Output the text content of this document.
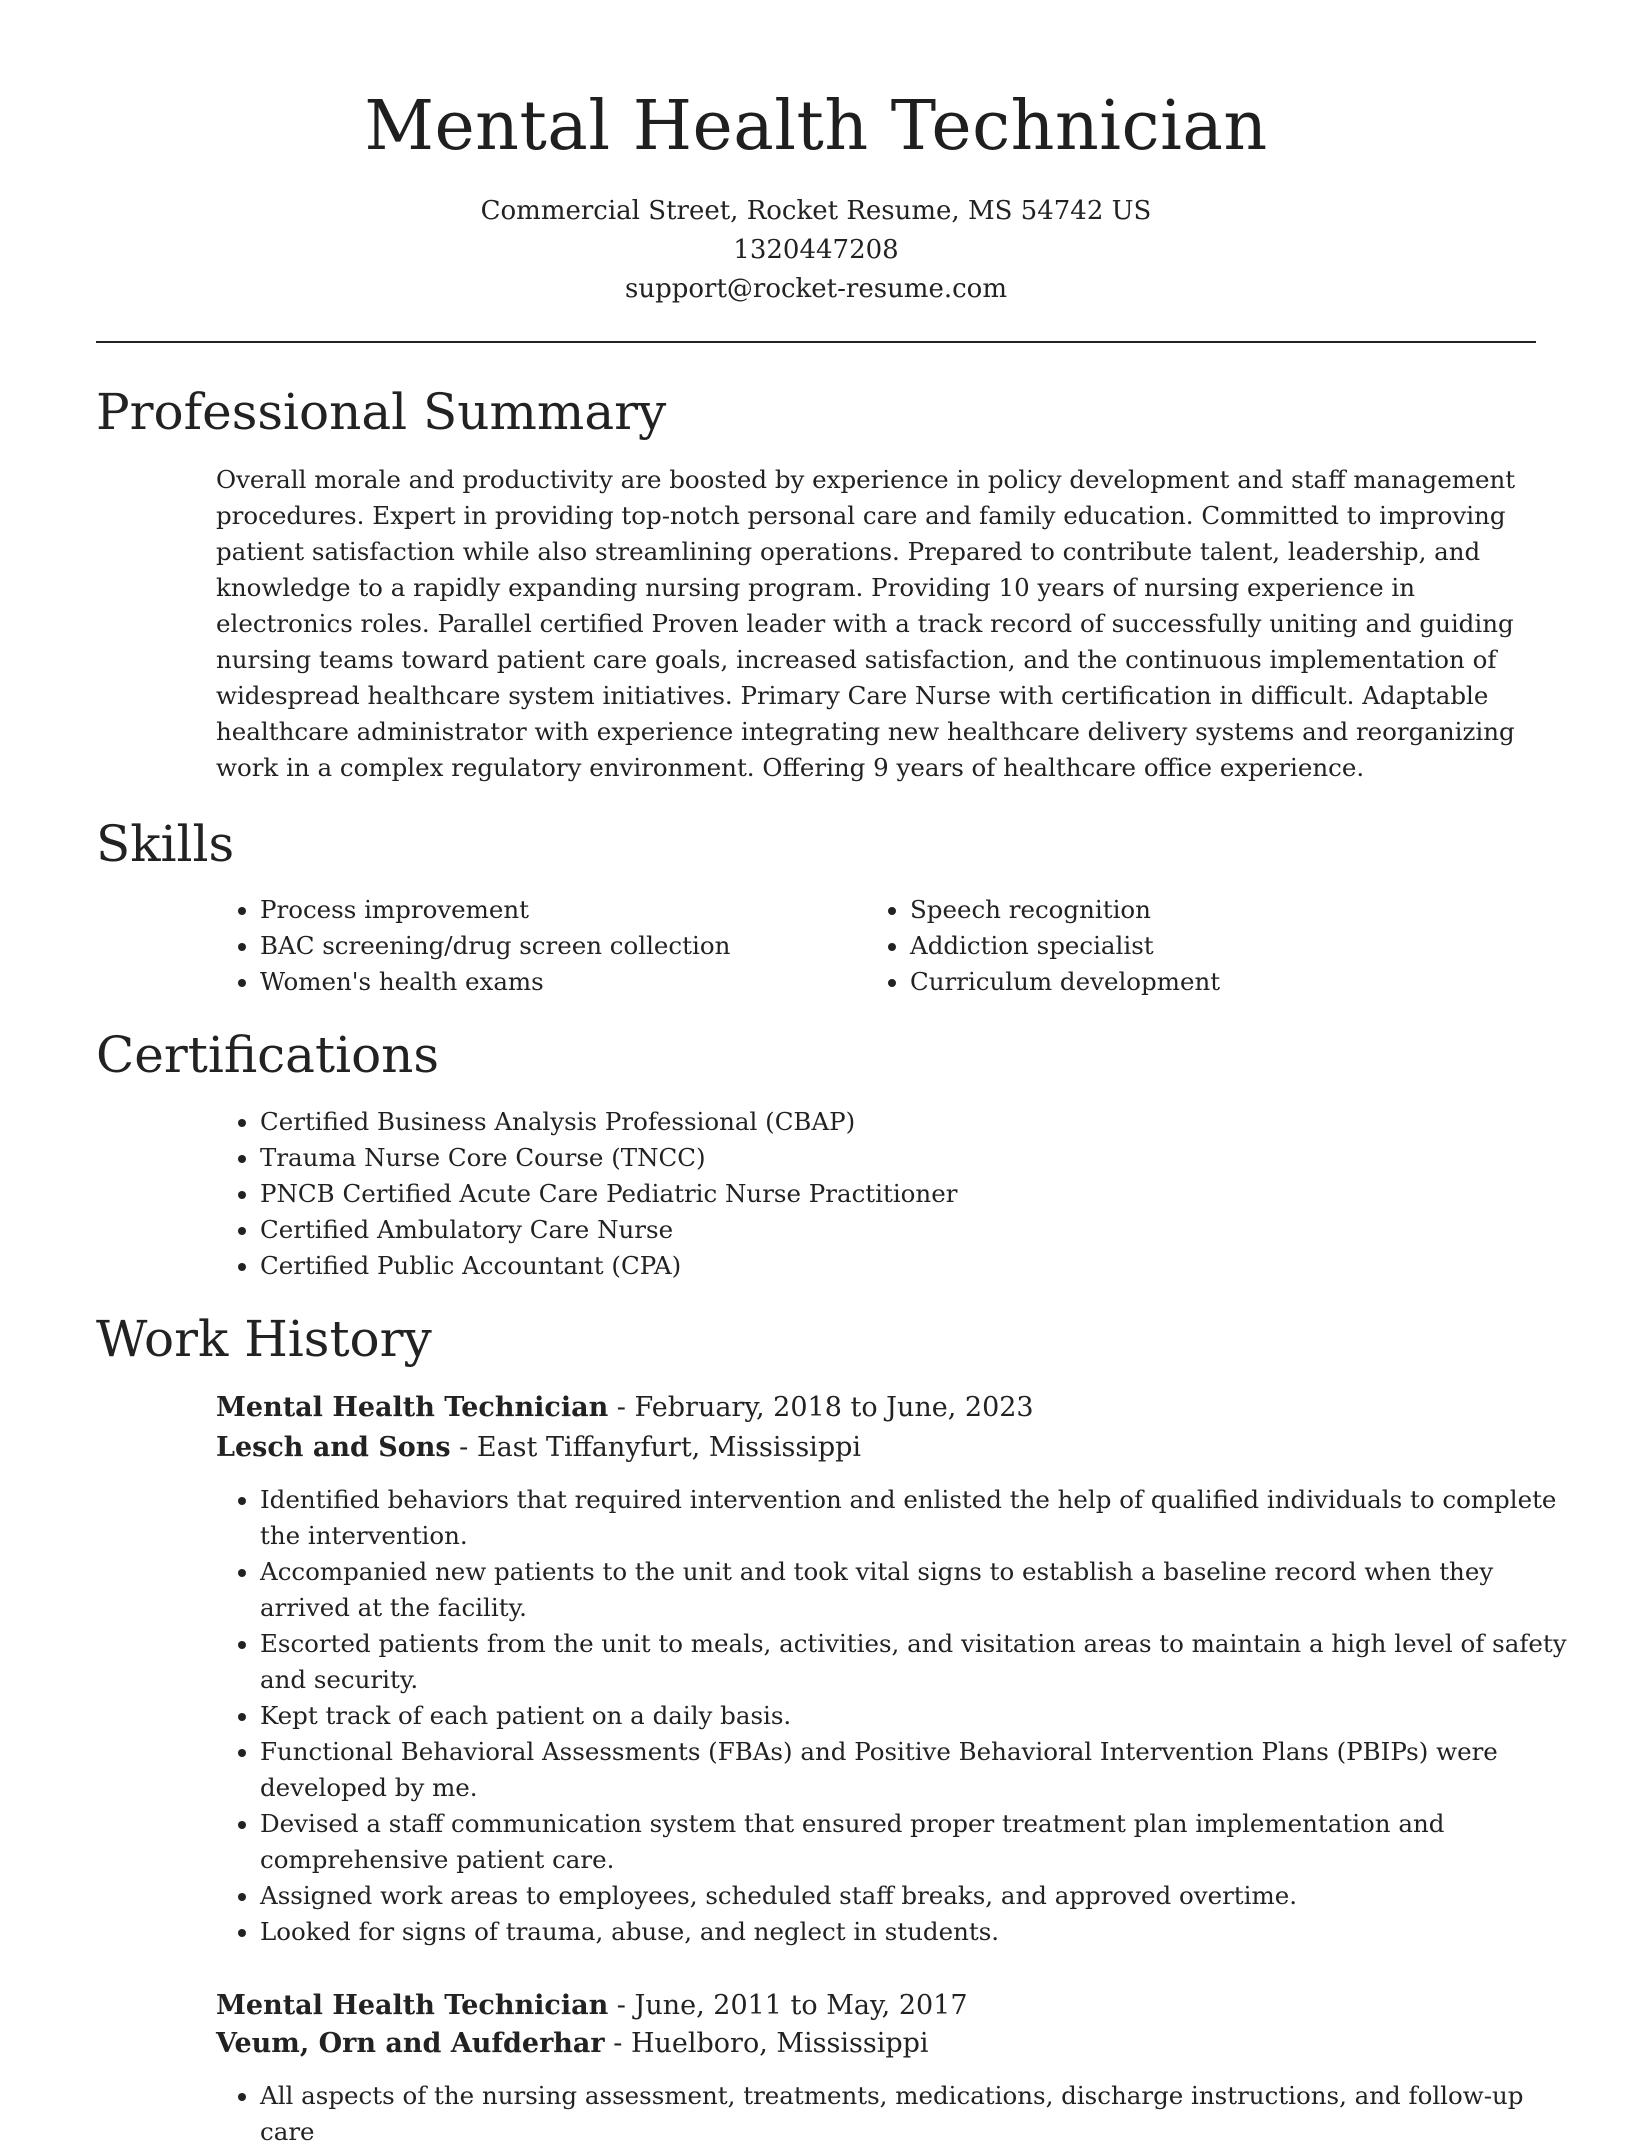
Mental Health Technician
Commercial Street, Rocket Resume, MS 54742 US
1320447208
support@rocket-resume.com
Professional Summary

Overall morale and productivity are boosted by experience in policy development and staff management procedures. Expert in providing top-notch personal care and family education. Committed to improving patient satisfaction while also streamlining operations. Prepared to contribute talent, leadership, and knowledge to a rapidly expanding nursing program. Providing 10 years of nursing experience in electronics roles. Parallel certified Proven leader with a track record of successfully uniting and guiding nursing teams toward patient care goals, increased satisfaction, and the continuous implementation of widespread healthcare system initiatives. Primary Care Nurse with certification in difficult. Adaptable healthcare administrator with experience integrating new healthcare delivery systems and reorganizing work in a complex regulatory environment. Offering 9 years of healthcare office experience.

Skills
• Process improvement
• BAC screening/drug screen collection
• Women's health exams
• Speech recognition
• Addiction specialist
• Curriculum development
Certifications
• Certified Business Analysis Professional (CBAP)
• Trauma Nurse Core Course (TNCC)
• PNCB Certified Acute Care Pediatric Nurse Practitioner
• Certified Ambulatory Care Nurse
• Certified Public Accountant (CPA)
Work History
Mental Health Technician - February, 2018 to June, 2023
Lesch and Sons - East Tiffanyfurt, Mississippi
• Identified behaviors that required intervention and enlisted the help of qualified individuals to complete the intervention.
• Accompanied new patients to the unit and took vital signs to establish a baseline record when they arrived at the facility.
• Escorted patients from the unit to meals, activities, and visitation areas to maintain a high level of safety and security.
• Kept track of each patient on a daily basis.
• Functional Behavioral Assessments (FBAs) and Positive Behavioral Intervention Plans (PBIPs) were developed by me.
• Devised a staff communication system that ensured proper treatment plan implementation and comprehensive patient care.
• Assigned work areas to employees, scheduled staff breaks, and approved overtime.
• Looked for signs of trauma, abuse, and neglect in students.
Mental Health Technician - June, 2011 to May, 2017
Veum, Orn and Aufderhar - Huelboro, Mississippi
• All aspects of the nursing assessment, treatments, medications, discharge instructions, and follow-up care
